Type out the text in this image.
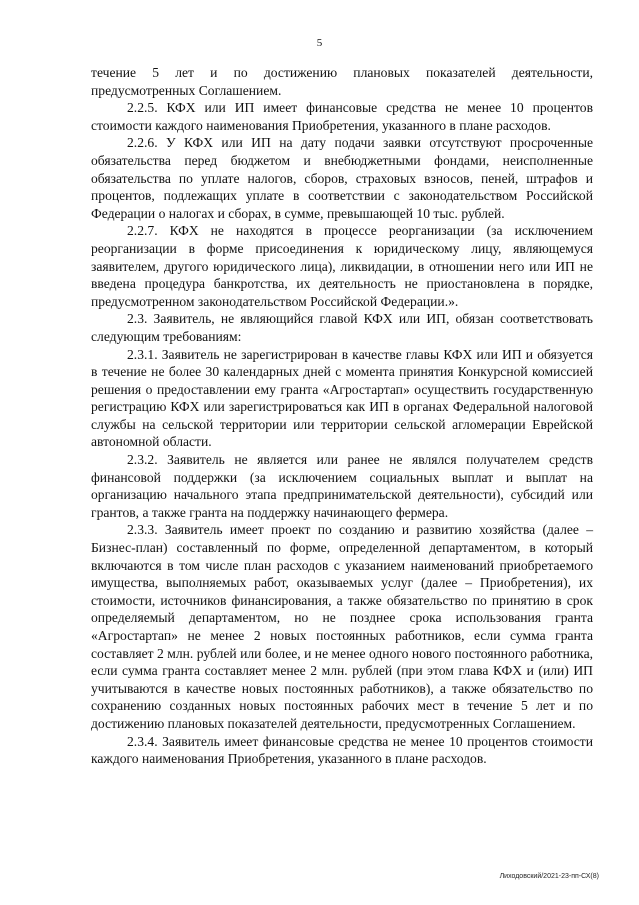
5

течение 5 лет и по достижению плановых показателей деятельности, предусмотренных Соглашением.

2.2.5. КФХ или ИП имеет финансовые средства не менее 10 процентов стоимости каждого наименования Приобретения, указанного в плане расходов.

2.2.6. У КФХ или ИП на дату подачи заявки отсутствуют просроченные обязательства перед бюджетом и внебюджетными фондами, неисполненные обязательства по уплате налогов, сборов, страховых взносов, пеней, штрафов и процентов, подлежащих уплате в соответствии с законодательством Российской Федерации о налогах и сборах, в сумме, превышающей 10 тыс. рублей.

2.2.7. КФХ не находятся в процессе реорганизации (за исключением реорганизации в форме присоединения к юридическому лицу, являющемуся заявителем, другого юридического лица), ликвидации, в отношении него или ИП не введена процедура банкротства, их деятельность не приостановлена в порядке, предусмотренном законодательством Российской Федерации.».

2.3. Заявитель, не являющийся главой КФХ или ИП, обязан соответствовать следующим требованиям:

2.3.1. Заявитель не зарегистрирован в качестве главы КФХ или ИП и обязуется в течение не более 30 календарных дней с момента принятия Конкурсной комиссией решения о предоставлении ему гранта «Агростартап» осуществить государственную регистрацию КФХ или зарегистрироваться как ИП в органах Федеральной налоговой службы на сельской территории или территории сельской агломерации Еврейской автономной области.

2.3.2. Заявитель не является или ранее не являлся получателем средств финансовой поддержки (за исключением социальных выплат и выплат на организацию начального этапа предпринимательской деятельности), субсидий или грантов, а также гранта на поддержку начинающего фермера.

2.3.3. Заявитель имеет проект по созданию и развитию хозяйства (далее – Бизнес-план) составленный по форме, определенной департаментом, в который включаются в том числе план расходов с указанием наименований приобретаемого имущества, выполняемых работ, оказываемых услуг (далее – Приобретения), их стоимости, источников финансирования, а также обязательство по принятию в срок определяемый департаментом, но не позднее срока использования гранта «Агростартап» не менее 2 новых постоянных работников, если сумма гранта составляет 2 млн. рублей или более, и не менее одного нового постоянного работника, если сумма гранта составляет менее 2 млн. рублей (при этом глава КФХ и (или) ИП учитываются в качестве новых постоянных работников), а также обязательство по сохранению созданных новых постоянных рабочих мест в течение 5 лет и по достижению плановых показателей деятельности, предусмотренных Соглашением.

2.3.4. Заявитель имеет финансовые средства не менее 10 процентов стоимости каждого наименования Приобретения, указанного в плане расходов.

Лиходовский/2021-23-пп-СХ(8)
